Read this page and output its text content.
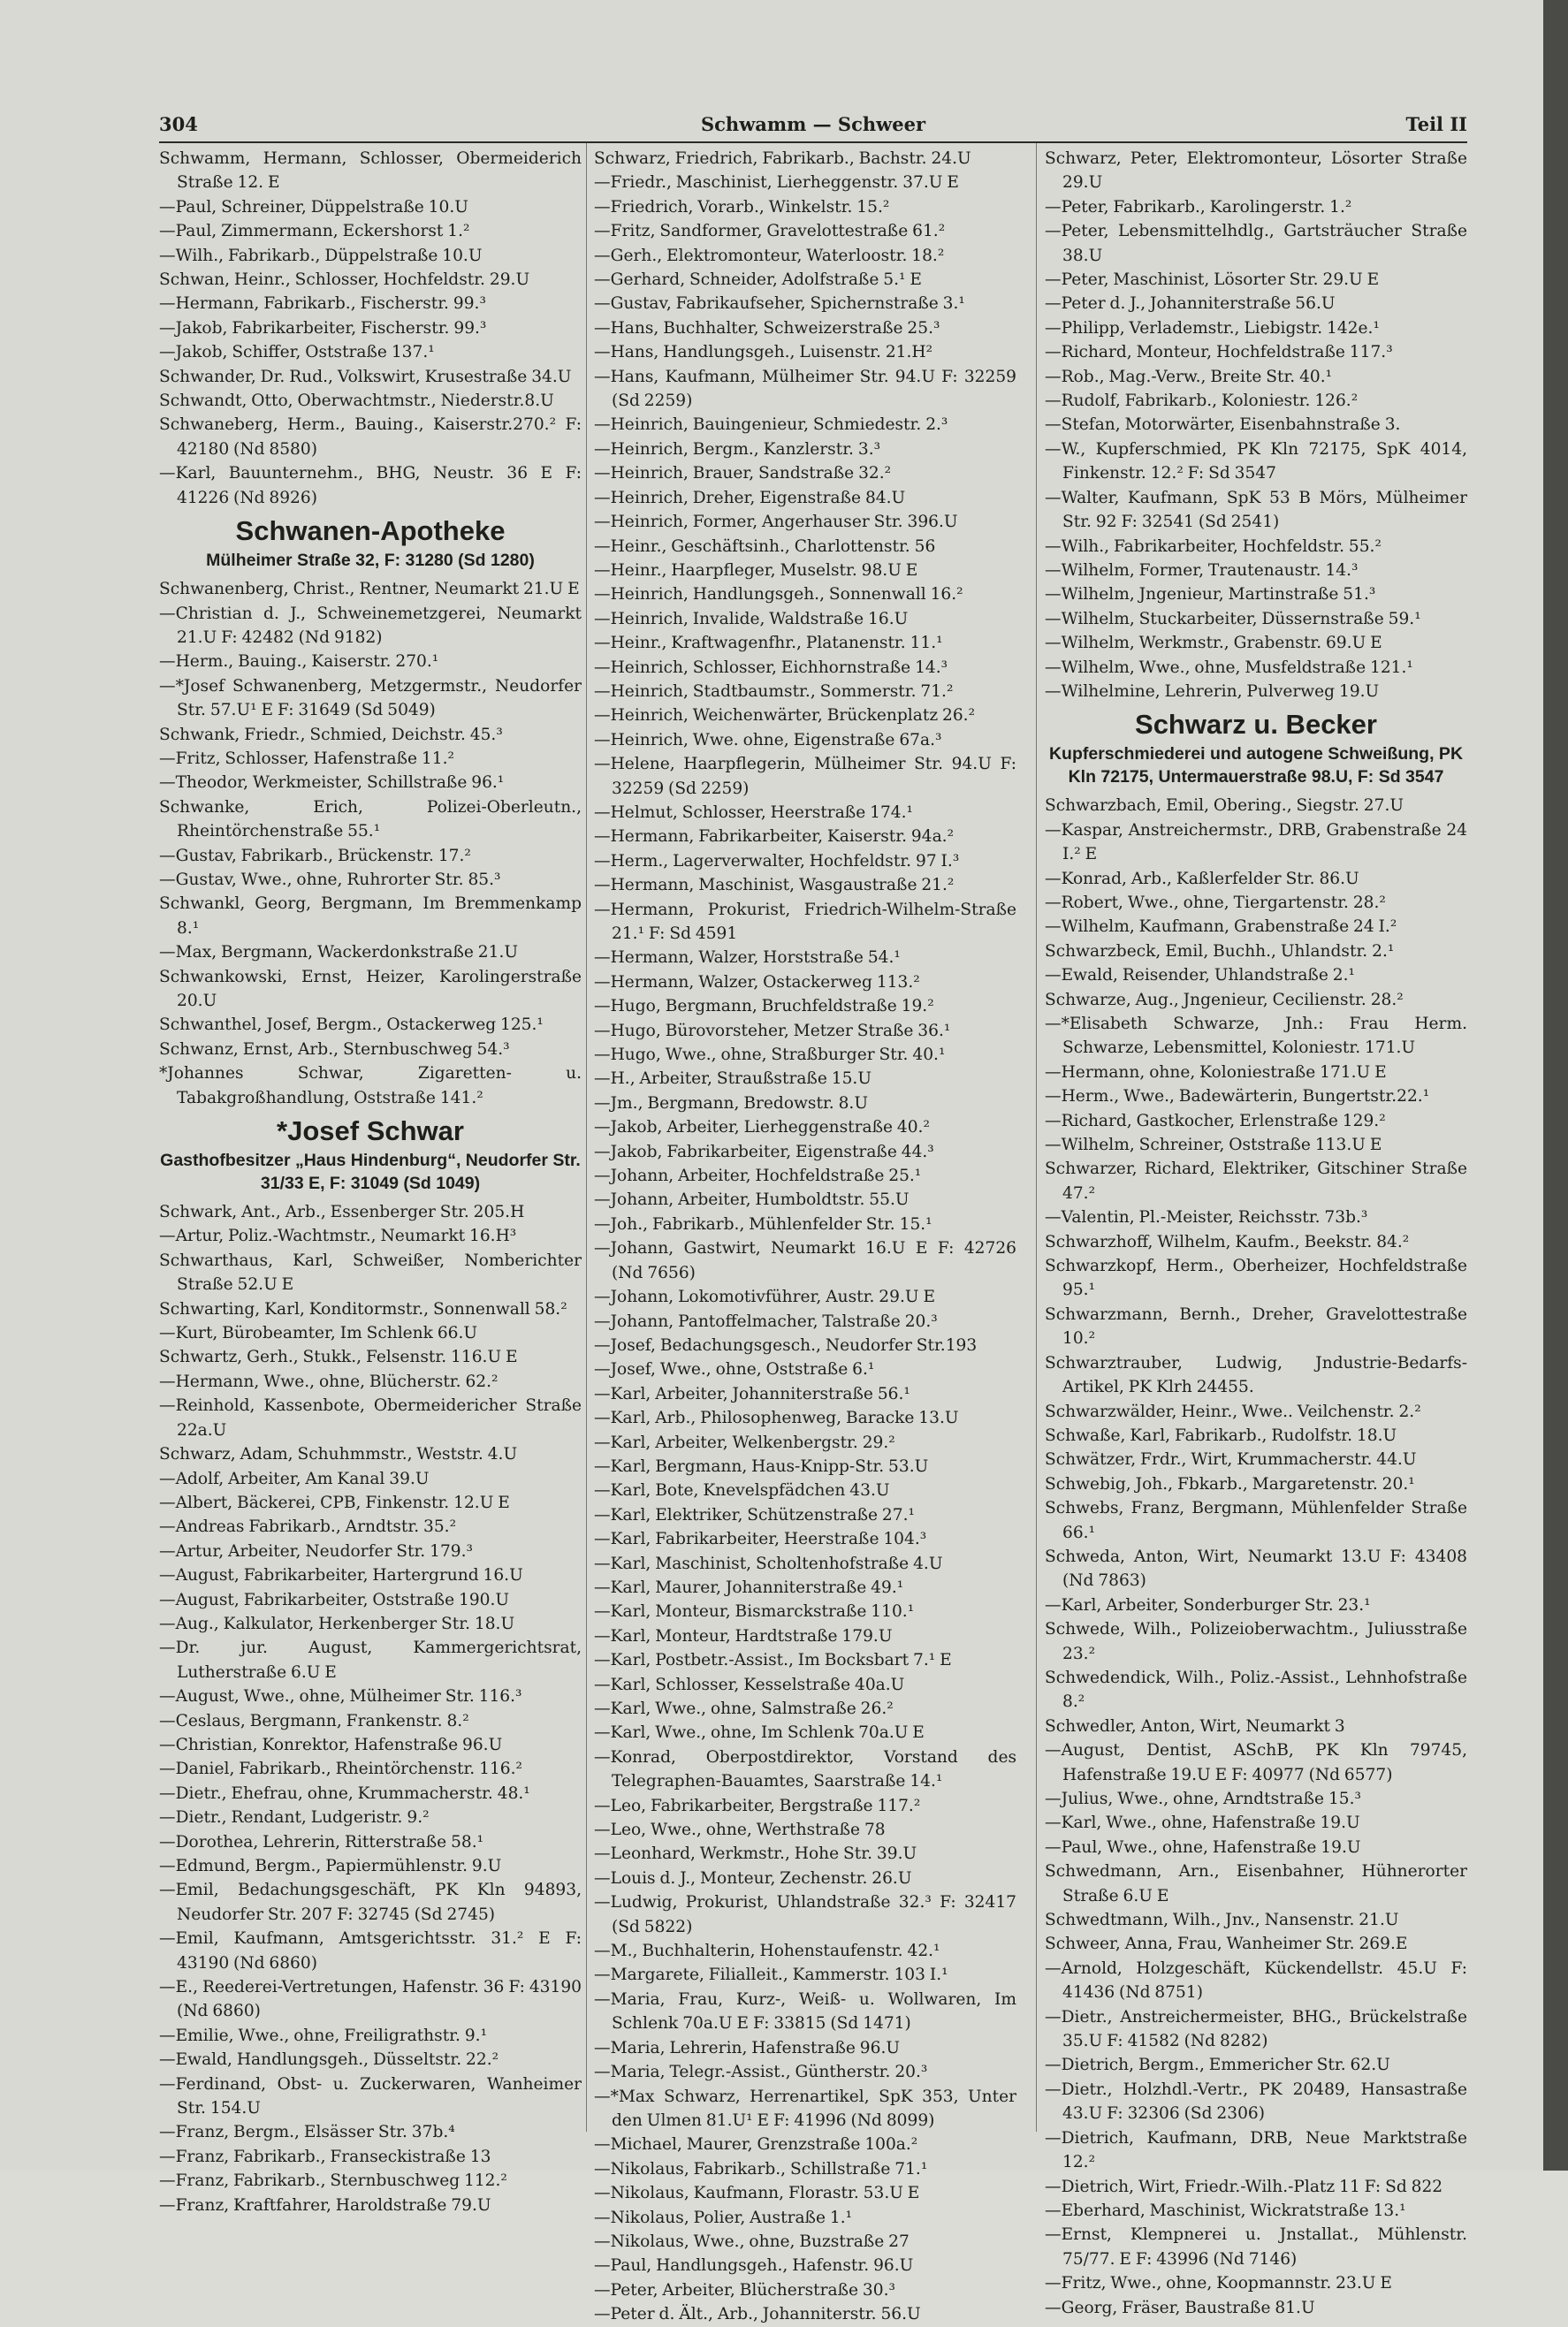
304	Schwamm — Schweer	Teil II
Schwamm, Hermann, Schlosser, Obermeiderich Straße 12. E
—Paul, Schreiner, Düppelstraße 10.U
—Paul, Zimmermann, Eckershorst 1.²
—Wilh., Fabrikarb., Düppelstraße 10.U
Schwan, Heinr., Schlosser, Hochfeldstr. 29.U
—Hermann, Fabrikarb., Fischerstr. 99.³
—Jakob, Fabrikarbeiter, Fischerstr. 99.³
—Jakob, Schiffer, Oststraße 137.¹
Schwander, Dr. Rud., Volkswirt, Krusestraße 34.U
Schwandt, Otto, Oberwachtmstr., Niederstr.8.U
Schwaneberg, Herm., Bauing., Kaiserstr.270.² F: 42180 (Nd 8580)
—Karl, Bauunternehm., BHG, Neustr. 36 E F: 41226 (Nd 8926)
Schwanen-Apotheke
Mülheimer Straße 32, F: 31280 (Sd 1280)
Schwanenberg, Christ., Rentner, Neumarkt 21.U E
—Christian d. J., Schweinemetzgerei, Neumarkt 21.U F: 42482 (Nd 9182)
—Herm., Bauing., Kaiserstr. 270.¹
—*Josef Schwanenberg, Metzgermstr., Neudorfer Str. 57.U¹ E F: 31649 (Sd 5049)
Schwank, Friedr., Schmied, Deichstr. 45.³
—Fritz, Schlosser, Hafenstraße 11.²
—Theodor, Werkmeister, Schillstraße 96.¹
Schwanke, Erich, Polizei-Oberleutn., Rheintörchenstraße 55.¹
—Gustav, Fabrikarb., Brückenstr. 17.²
—Gustav, Wwe., ohne, Ruhrorter Str. 85.³
Schwankl, Georg, Bergmann, Im Bremmenkamp 8.¹
—Max, Bergmann, Wackerdonkstraße 21.U
Schwankowski, Ernst, Heizer, Karolingerstraße 20.U
Schwanthel, Josef, Bergm., Ostackerweg 125.¹
Schwanz, Ernst, Arb., Sternbuschweg 54.³
*Johannes Schwar, Zigaretten- u. Tabakgroßhandlung, Oststraße 141.²
*Josef Schwar
Gasthofbesitzer „Haus Hindenburg“, Neudorfer Str. 31/33 E, F: 31049 (Sd 1049)
Schwark, Ant., Arb., Essenberger Str. 205.H
—Artur, Poliz.-Wachtmstr., Neumarkt 16.H³
Schwarthaus, Karl, Schweißer, Nomberichter Straße 52.U E
Schwarting, Karl, Konditormstr., Sonnenwall 58.²
—Kurt, Bürobeamter, Im Schlenk 66.U
Schwartz, Gerh., Stukk., Felsenstr. 116.U E
—Hermann, Wwe., ohne, Blücherstr. 62.²
—Reinhold, Kassenbote, Obermeidericher Straße 22a.U
Schwarz, Adam, Schuhmmstr., Weststr. 4.U
—Adolf, Arbeiter, Am Kanal 39.U
—Albert, Bäckerei, CPB, Finkenstr. 12.U E
—Andreas Fabrikarb., Arndtstr. 35.²
—Artur, Arbeiter, Neudorfer Str. 179.³
—August, Fabrikarbeiter, Hartergrund 16.U
—August, Fabrikarbeiter, Oststraße 190.U
—Aug., Kalkulator, Herkenberger Str. 18.U
—Dr. jur. August, Kammergerichtsrat, Lutherstraße 6.U E
—August, Wwe., ohne, Mülheimer Str. 116.³
—Ceslaus, Bergmann, Frankenstr. 8.²
—Christian, Konrektor, Hafenstraße 96.U
—Daniel, Fabrikarb., Rheintörchenstr. 116.²
—Dietr., Ehefrau, ohne, Krummacherstr. 48.¹
—Dietr., Rendant, Ludgeristr. 9.²
—Dorothea, Lehrerin, Ritterstraße 58.¹
—Edmund, Bergm., Papiermühlenstr. 9.U
—Emil, Bedachungsgeschäft, PK Kln 94893, Neudorfer Str. 207 F: 32745 (Sd 2745)
—Emil, Kaufmann, Amtsgerichtsstr. 31.² E F: 43190 (Nd 6860)
—E., Reederei-Vertretungen, Hafenstr. 36 F: 43190 (Nd 6860)
—Emilie, Wwe., ohne, Freiligrathstr. 9.¹
—Ewald, Handlungsgeh., Düsseltstr. 22.²
—Ferdinand, Obst- u. Zuckerwaren, Wanheimer Str. 154.U
—Franz, Bergm., Elsässer Str. 37b.⁴
—Franz, Fabrikarb., Franseckistraße 13
—Franz, Fabrikarb., Sternbuschweg 112.²
—Franz, Kraftfahrer, Haroldstraße 79.U
Schwarz, Friedrich, Fabrikarb., Bachstr. 24.U
—Friedr., Maschinist, Lierheggenstr. 37.U E
—Friedrich, Vorarb., Winkelstr. 15.²
—Fritz, Sandformer, Gravelottestraße 61.²
—Gerh., Elektromonteur, Waterloostr. 18.²
—Gerhard, Schneider, Adolfstraße 5.¹ E
—Gustav, Fabrikaufseher, Spichernstraße 3.¹
—Hans, Buchhalter, Schweizerstraße 25.³
—Hans, Handlungsgeh., Luisenstr. 21.H²
—Hans, Kaufmann, Mülheimer Str. 94.U F: 32259 (Sd 2259)
—Heinrich, Bauingenieur, Schmiedestr. 2.³
—Heinrich, Bergm., Kanzlerstr. 3.³
—Heinrich, Brauer, Sandstraße 32.²
—Heinrich, Dreher, Eigenstraße 84.U
—Heinrich, Former, Angerhauser Str. 396.U
—Heinr., Geschäftsinh., Charlottenstr. 56
—Heinr., Haarpfleger, Muselstr. 98.U E
—Heinrich, Handlungsgeh., Sonnenwall 16.²
—Heinrich, Invalide, Waldstraße 16.U
—Heinr., Kraftwagenfhr., Platanenstr. 11.¹
—Heinrich, Schlosser, Eichhornstraße 14.³
—Heinrich, Stadtbaumstr., Sommerstr. 71.²
—Heinrich, Weichenwärter, Brückenplatz 26.²
—Heinrich, Wwe. ohne, Eigenstraße 67a.³
—Helene, Haarpflegerin, Mülheimer Str. 94.U F: 32259 (Sd 2259)
—Helmut, Schlosser, Heerstraße 174.¹
—Hermann, Fabrikarbeiter, Kaiserstr. 94a.²
—Herm., Lagerverwalter, Hochfeldstr. 97 I.³
—Hermann, Maschinist, Wasgaustraße 21.²
—Hermann, Prokurist, Friedrich-Wilhelm-Straße 21.¹ F: Sd 4591
—Hermann, Walzer, Horststraße 54.¹
—Hermann, Walzer, Ostackerweg 113.²
—Hugo, Bergmann, Bruchfeldstraße 19.²
—Hugo, Bürovorsteher, Metzer Straße 36.¹
—Hugo, Wwe., ohne, Straßburger Str. 40.¹
—H., Arbeiter, Straußstraße 15.U
—Jm., Bergmann, Bredowstr. 8.U
—Jakob, Arbeiter, Lierheggenstraße 40.²
—Jakob, Fabrikarbeiter, Eigenstraße 44.³
—Johann, Arbeiter, Hochfeldstraße 25.¹
—Johann, Arbeiter, Humboldtstr. 55.U
—Joh., Fabrikarb., Mühlenfelder Str. 15.¹
—Johann, Gastwirt, Neumarkt 16.U E F: 42726 (Nd 7656)
—Johann, Lokomotivführer, Austr. 29.U E
—Johann, Pantoffelmacher, Talstraße 20.³
—Josef, Bedachungsgesch., Neudorfer Str.193
—Josef, Wwe., ohne, Oststraße 6.¹
—Karl, Arbeiter, Johanniterstraße 56.¹
—Karl, Arb., Philosophenweg, Baracke 13.U
—Karl, Arbeiter, Welkenbergstr. 29.²
—Karl, Bergmann, Haus-Knipp-Str. 53.U
—Karl, Bote, Knevelspfädchen 43.U
—Karl, Elektriker, Schützenstraße 27.¹
—Karl, Fabrikarbeiter, Heerstraße 104.³
—Karl, Maschinist, Scholtenhofstraße 4.U
—Karl, Maurer, Johanniterstraße 49.¹
—Karl, Monteur, Bismarckstraße 110.¹
—Karl, Monteur, Hardtstraße 179.U
—Karl, Postbetr.-Assist., Im Bocksbart 7.¹ E
—Karl, Schlosser, Kesselstraße 40a.U
—Karl, Wwe., ohne, Salmstraße 26.²
—Karl, Wwe., ohne, Im Schlenk 70a.U E
—Konrad, Oberpostdirektor, Vorstand des Telegraphen-Bauamtes, Saarstraße 14.¹
—Leo, Fabrikarbeiter, Bergstraße 117.²
—Leo, Wwe., ohne, Werthstraße 78
—Leonhard, Werkmstr., Hohe Str. 39.U
—Louis d. J., Monteur, Zechenstr. 26.U
—Ludwig, Prokurist, Uhlandstraße 32.³ F: 32417 (Sd 5822)
—M., Buchhalterin, Hohenstaufenstr. 42.¹
—Margarete, Filialleit., Kammerstr. 103 I.¹
—Maria, Frau, Kurz-, Weiß- u. Wollwaren, Im Schlenk 70a.U E F: 33815 (Sd 1471)
—Maria, Lehrerin, Hafenstraße 96.U
—Maria, Telegr.-Assist., Güntherstr. 20.³
—*Max Schwarz, Herrenartikel, SpK 353, Unter den Ulmen 81.U¹ E F: 41996 (Nd 8099)
—Michael, Maurer, Grenzstraße 100a.²
—Nikolaus, Fabrikarb., Schillstraße 71.¹
—Nikolaus, Kaufmann, Florastr. 53.U E
—Nikolaus, Polier, Austraße 1.¹
—Nikolaus, Wwe., ohne, Buzstraße 27
—Paul, Handlungsgeh., Hafenstr. 96.U
—Peter, Arbeiter, Blücherstraße 30.³
—Peter d. Ält., Arb., Johanniterstr. 56.U
Schwarz, Peter, Elektromonteur, Lösorter Straße 29.U
—Peter, Fabrikarb., Karolingerstr. 1.²
—Peter, Lebensmittelhdlg., Gartsträucher Straße 38.U
—Peter, Maschinist, Lösorter Str. 29.U E
—Peter d. J., Johanniterstraße 56.U
—Philipp, Verlademstr., Liebigstr. 142e.¹
—Richard, Monteur, Hochfeldstraße 117.³
—Rob., Mag.-Verw., Breite Str. 40.¹
—Rudolf, Fabrikarb., Koloniestr. 126.²
—Stefan, Motorwärter, Eisenbahnstraße 3.
—W., Kupferschmied, PK Kln 72175, SpK 4014, Finkenstr. 12.² F: Sd 3547
—Walter, Kaufmann, SpK 53 B Mörs, Mülheimer Str. 92 F: 32541 (Sd 2541)
—Wilh., Fabrikarbeiter, Hochfeldstr. 55.²
—Wilhelm, Former, Trautenaustr. 14.³
—Wilhelm, Jngenieur, Martinstraße 51.³
—Wilhelm, Stuckarbeiter, Düssernstraße 59.¹
—Wilhelm, Werkmstr., Grabenstr. 69.U E
—Wilhelm, Wwe., ohne, Musfeldstraße 121.¹
—Wilhelmine, Lehrerin, Pulverweg 19.U
Schwarz u. Becker
Kupferschmiederei und autogene Schweißung, PK Kln 72175, Untermauerstraße 98.U, F: Sd 3547
Schwarzbach, Emil, Obering., Siegstr. 27.U
—Kaspar, Anstreichermstr., DRB, Grabenstraße 24 I.² E
—Konrad, Arb., Kaßlerfelder Str. 86.U
—Robert, Wwe., ohne, Tiergartenstr. 28.²
—Wilhelm, Kaufmann, Grabenstraße 24 I.²
Schwarzbeck, Emil, Buchh., Uhlandstr. 2.¹
—Ewald, Reisender, Uhlandstraße 2.¹
Schwarze, Aug., Jngenieur, Cecilienstr. 28.²
—*Elisabeth Schwarze, Jnh.: Frau Herm. Schwarze, Lebensmittel, Koloniestr. 171.U
—Hermann, ohne, Koloniestraße 171.U E
—Herm., Wwe., Badewärterin, Bungertstr.22.¹
—Richard, Gastkocher, Erlenstraße 129.²
—Wilhelm, Schreiner, Oststraße 113.U E
Schwarzer, Richard, Elektriker, Gitschiner Straße 47.²
—Valentin, Pl.-Meister, Reichsstr. 73b.³
Schwarzhoff, Wilhelm, Kaufm., Beekstr. 84.²
Schwarzkopf, Herm., Oberheizer, Hochfeldstraße 95.¹
Schwarzmann, Bernh., Dreher, Gravelottestraße 10.²
Schwarztrauber, Ludwig, Jndustrie-Bedarfs-Artikel, PK Klrh 24455.
Schwarzwälder, Heinr., Wwe.. Veilchenstr. 2.²
Schwaße, Karl, Fabrikarb., Rudolfstr. 18.U
Schwätzer, Frdr., Wirt, Krummacherstr. 44.U
Schwebig, Joh., Fbkarb., Margaretenstr. 20.¹
Schwebs, Franz, Bergmann, Mühlenfelder Straße 66.¹
Schweda, Anton, Wirt, Neumarkt 13.U F: 43408 (Nd 7863)
—Karl, Arbeiter, Sonderburger Str. 23.¹
Schwede, Wilh., Polizeioberwachtm., Juliusstraße 23.²
Schwedendick, Wilh., Poliz.-Assist., Lehnhofstraße 8.²
Schwedler, Anton, Wirt, Neumarkt 3
—August, Dentist, ASchB, PK Kln 79745, Hafenstraße 19.U E F: 40977 (Nd 6577)
—Julius, Wwe., ohne, Arndtstraße 15.³
—Karl, Wwe., ohne, Hafenstraße 19.U
—Paul, Wwe., ohne, Hafenstraße 19.U
Schwedmann, Arn., Eisenbahner, Hühnerorter Straße 6.U E
Schwedtmann, Wilh., Jnv., Nansenstr. 21.U
Schweer, Anna, Frau, Wanheimer Str. 269.E
—Arnold, Holzgeschäft, Kückendellstr. 45.U F: 41436 (Nd 8751)
—Dietr., Anstreichermeister, BHG., Brückelstraße 35.U F: 41582 (Nd 8282)
—Dietrich, Bergm., Emmericher Str. 62.U
—Dietr., Holzhdl.-Vertr., PK 20489, Hansastraße 43.U F: 32306 (Sd 2306)
—Dietrich, Kaufmann, DRB, Neue Marktstraße 12.²
—Dietrich, Wirt, Friedr.-Wilh.-Platz 11 F: Sd 822
—Eberhard, Maschinist, Wickratstraße 13.¹
—Ernst, Klempnerei u. Jnstallat., Mühlenstr. 75/77. E F: 43996 (Nd 7146)
—Fritz, Wwe., ohne, Koopmannstr. 23.U E
—Georg, Fräser, Baustraße 81.U
